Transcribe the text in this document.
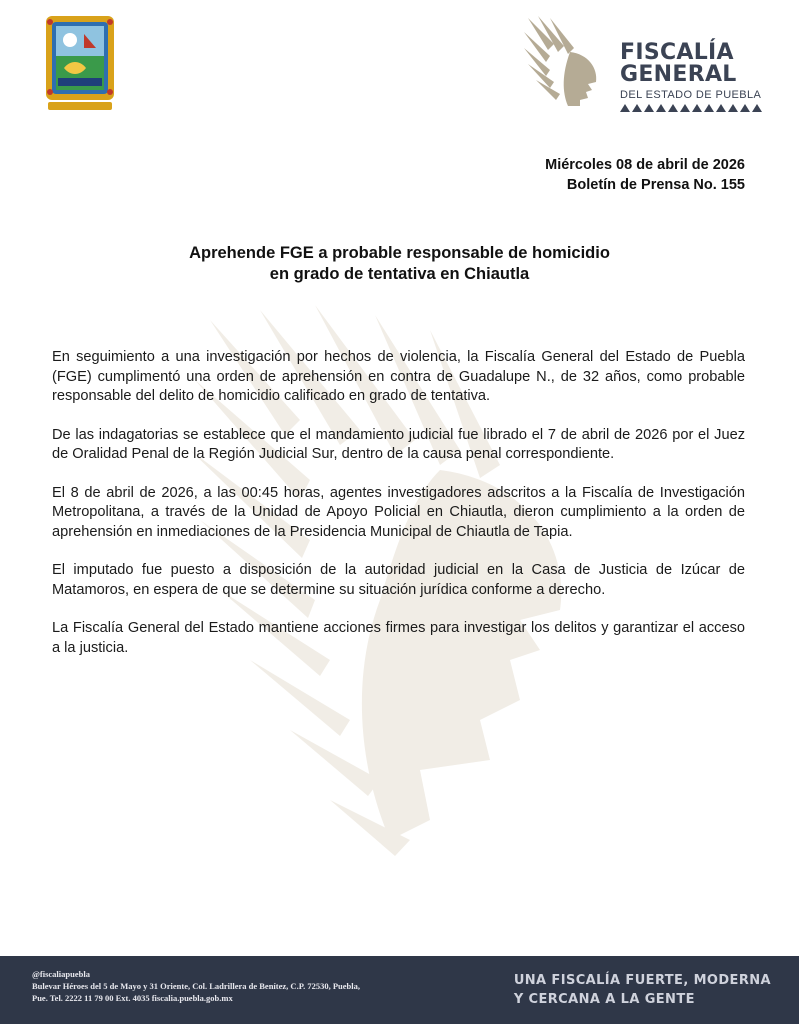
FISCALÍA
GENERAL
DEL ESTADO DE PUEBLA
Miércoles 08 de abril de 2026
Boletín de Prensa No. 155
Aprehende FGE a probable responsable de homicidio
en grado de tentativa en Chiautla

En seguimiento a una investigación por hechos de violencia, la Fiscalía General del Estado de Puebla (FGE) cumplimentó una orden de aprehensión en contra de Guadalupe N., de 32 años, como probable responsable del delito de homicidio calificado en grado de tentativa.

De las indagatorias se establece que el mandamiento judicial fue librado el 7 de abril de 2026 por el Juez de Oralidad Penal de la Región Judicial Sur, dentro de la causa penal correspondiente.

El 8 de abril de 2026, a las 00:45 horas, agentes investigadores adscritos a la Fiscalía de Investigación Metropolitana, a través de la Unidad de Apoyo Policial en Chiautla, dieron cumplimiento a la orden de aprehensión en inmediaciones de la Presidencia Municipal de Chiautla de Tapia.

El imputado fue puesto a disposición de la autoridad judicial en la Casa de Justicia de Izúcar de Matamoros, en espera de que se determine su situación jurídica conforme a derecho.

La Fiscalía General del Estado mantiene acciones firmes para investigar los delitos y garantizar el acceso a la justicia.

@fiscaliapuebla
Bulevar Héroes del 5 de Mayo y 31 Oriente, Col. Ladrillera de Benítez, C.P. 72530, Puebla,
Pue. Tel. 2222 11 79 00 Ext. 4035 fiscalia.puebla.gob.mx
UNA FISCALÍA FUERTE, MODERNA
Y CERCANA A LA GENTE
